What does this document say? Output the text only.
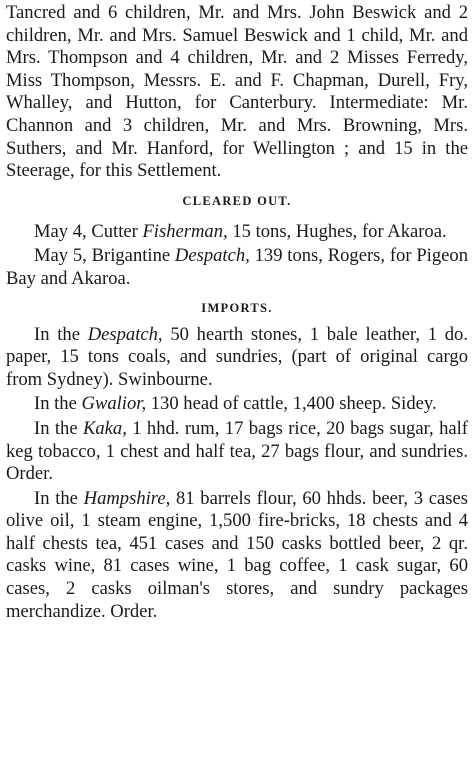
Tancred and 6 children, Mr. and Mrs. John Beswick and 2 children, Mr. and Mrs. Samuel Beswick and 1 child, Mr. and Mrs. Thompson and 4 children, Mr. and 2 Misses Ferredy, Miss Thompson, Messrs. E. and F. Chapman, Durell, Fry, Whalley, and Hutton, for Canterbury. Intermediate: Mr. Channon and 3 children, Mr. and Mrs. Browning, Mrs. Suthers, and Mr. Hanford, for Wellington ; and 15 in the Steerage, for this Settlement.

CLEARED OUT.

May 4, Cutter Fisherman, 15 tons, Hughes, for Akaroa.

May 5, Brigantine Despatch, 139 tons, Rogers, for Pigeon Bay and Akaroa.

IMPORTS.

In the Despatch, 50 hearth stones, 1 bale leather, 1 do. paper, 15 tons coals, and sundries, (part of original cargo from Sydney). Swinbourne.

In the Gwalior, 130 head of cattle, 1,400 sheep. Sidey.

In the Kaka, 1 hhd. rum, 17 bags rice, 20 bags sugar, half keg tobacco, 1 chest and half tea, 27 bags flour, and sundries. Order.

In the Hampshire, 81 barrels flour, 60 hhds. beer, 3 cases olive oil, 1 steam engine, 1,500 fire-bricks, 18 chests and 4 half chests tea, 451 cases and 150 casks bottled beer, 2 qr. casks wine, 81 cases wine, 1 bag coffee, 1 cask sugar, 60 cases, 2 casks oilman's stores, and sundry packages merchandize. Order.
